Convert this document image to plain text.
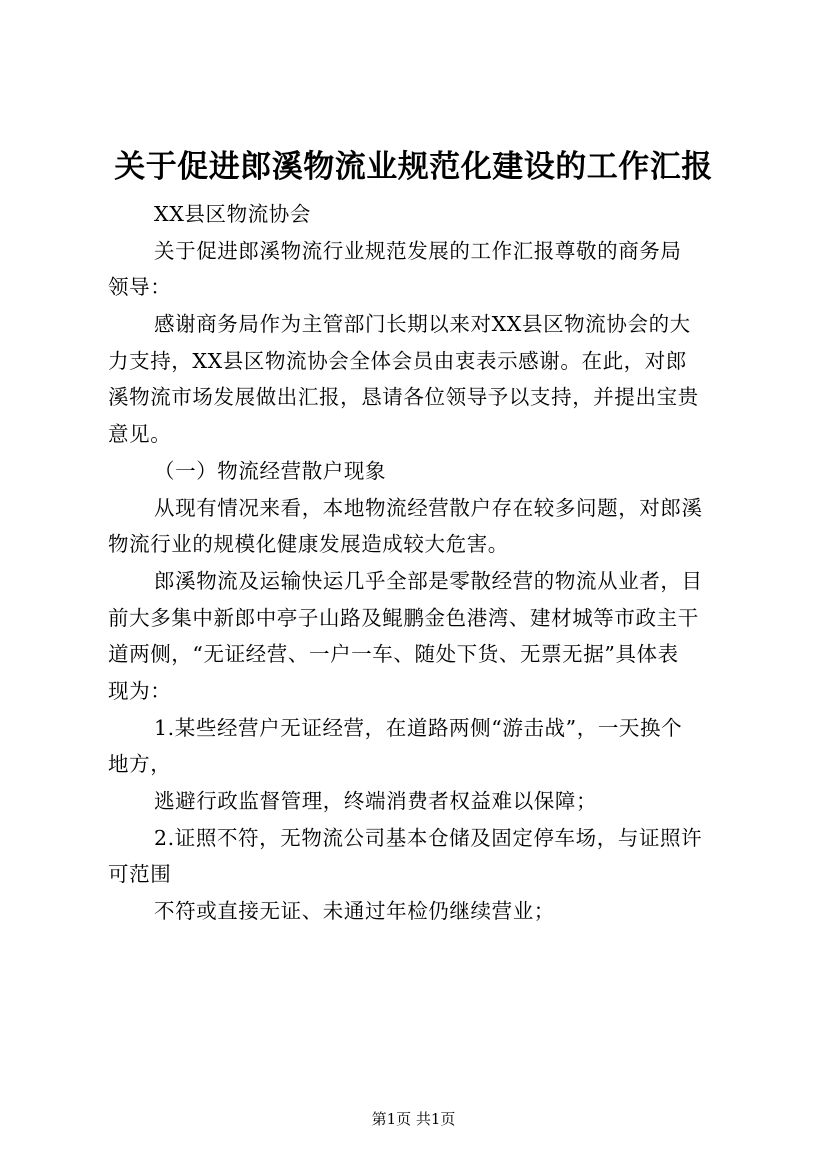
关于促进郎溪物流业规范化建设的工作汇报
XX县区物流协会
关于促进郎溪物流行业规范发展的工作汇报尊敬的商务局
领导：
感谢商务局作为主管部门长期以来对XX县区物流协会的大
力支持，XX县区物流协会全体会员由衷表示感谢。在此，对郎
溪物流市场发展做出汇报，恳请各位领导予以支持，并提出宝贵
意见。
（一）物流经营散户现象
从现有情况来看，本地物流经营散户存在较多问题，对郎溪
物流行业的规模化健康发展造成较大危害。
郎溪物流及运输快运几乎全部是零散经营的物流从业者，目
前大多集中新郎中亭子山路及鲲鹏金色港湾、建材城等市政主干
道两侧，“无证经营、一户一车、随处下货、无票无据”具体表
现为：
1.某些经营户无证经营，在道路两侧“游击战”，一天换个
地方，
逃避行政监督管理，终端消费者权益难以保障；
2.证照不符，无物流公司基本仓储及固定停车场，与证照许
可范围
不符或直接无证、未通过年检仍继续营业；
第1页 共1页
